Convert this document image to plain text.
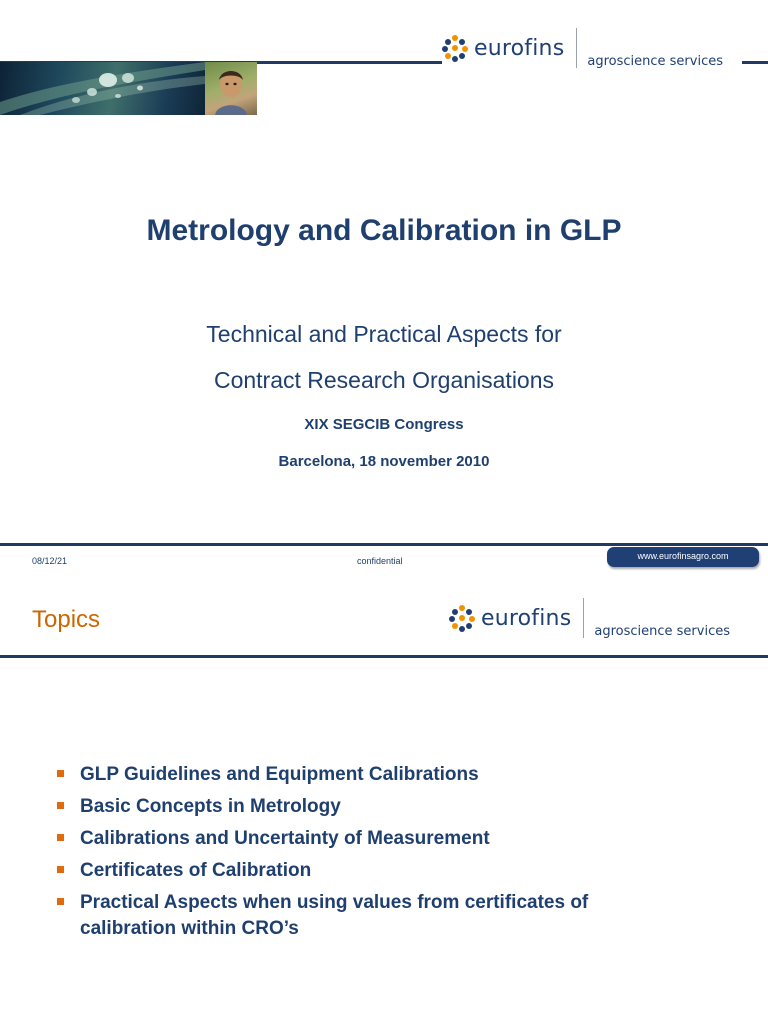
eurofins
agroscience services
Metrology and Calibration in GLP
Technical and Practical Aspects for
Contract Research Organisations
XIX SEGCIB Congress
Barcelona, 18 november 2010
08/12/21	confidential	www.eurofinsagro.com
Topics	eurofins
agroscience services
GLP Guidelines and Equipment Calibrations
Basic Concepts in Metrology
Calibrations and Uncertainty of Measurement
Certificates of Calibration
Practical Aspects when using values from certificates of calibration within CRO’s
